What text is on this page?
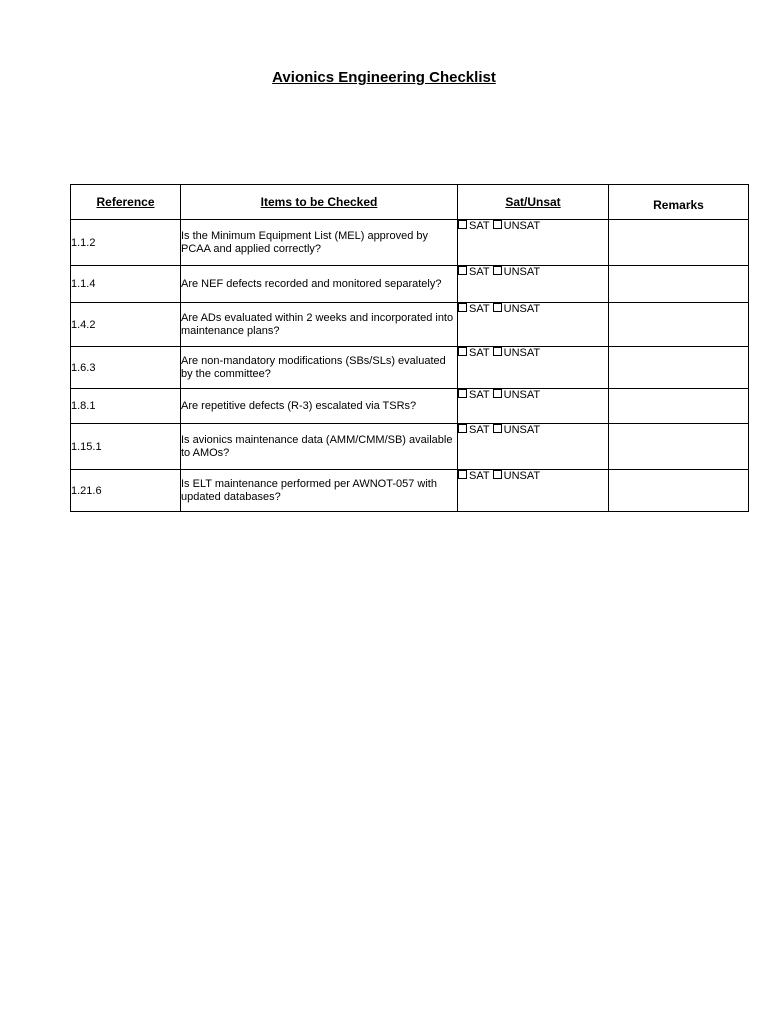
Avionics Engineering Checklist
Reference	Items to be Checked	Sat/Unsat	Remarks
1.1.2	Is the Minimum Equipment List (MEL) approved by PCAA and applied correctly?	SAT UNSAT	
1.1.4	Are NEF defects recorded and monitored separately?	SAT UNSAT	
1.4.2	Are ADs evaluated within 2 weeks and incorporated into maintenance plans?	SAT UNSAT	
1.6.3	Are non-mandatory modifications (SBs/SLs) evaluated by the committee?	SAT UNSAT	
1.8.1	Are repetitive defects (R-3) escalated via TSRs?	SAT UNSAT	
1.15.1	Is avionics maintenance data (AMM/CMM/SB) available to AMOs?	SAT UNSAT	
1.21.6	Is ELT maintenance performed per AWNOT-057 with updated databases?	SAT UNSAT	
